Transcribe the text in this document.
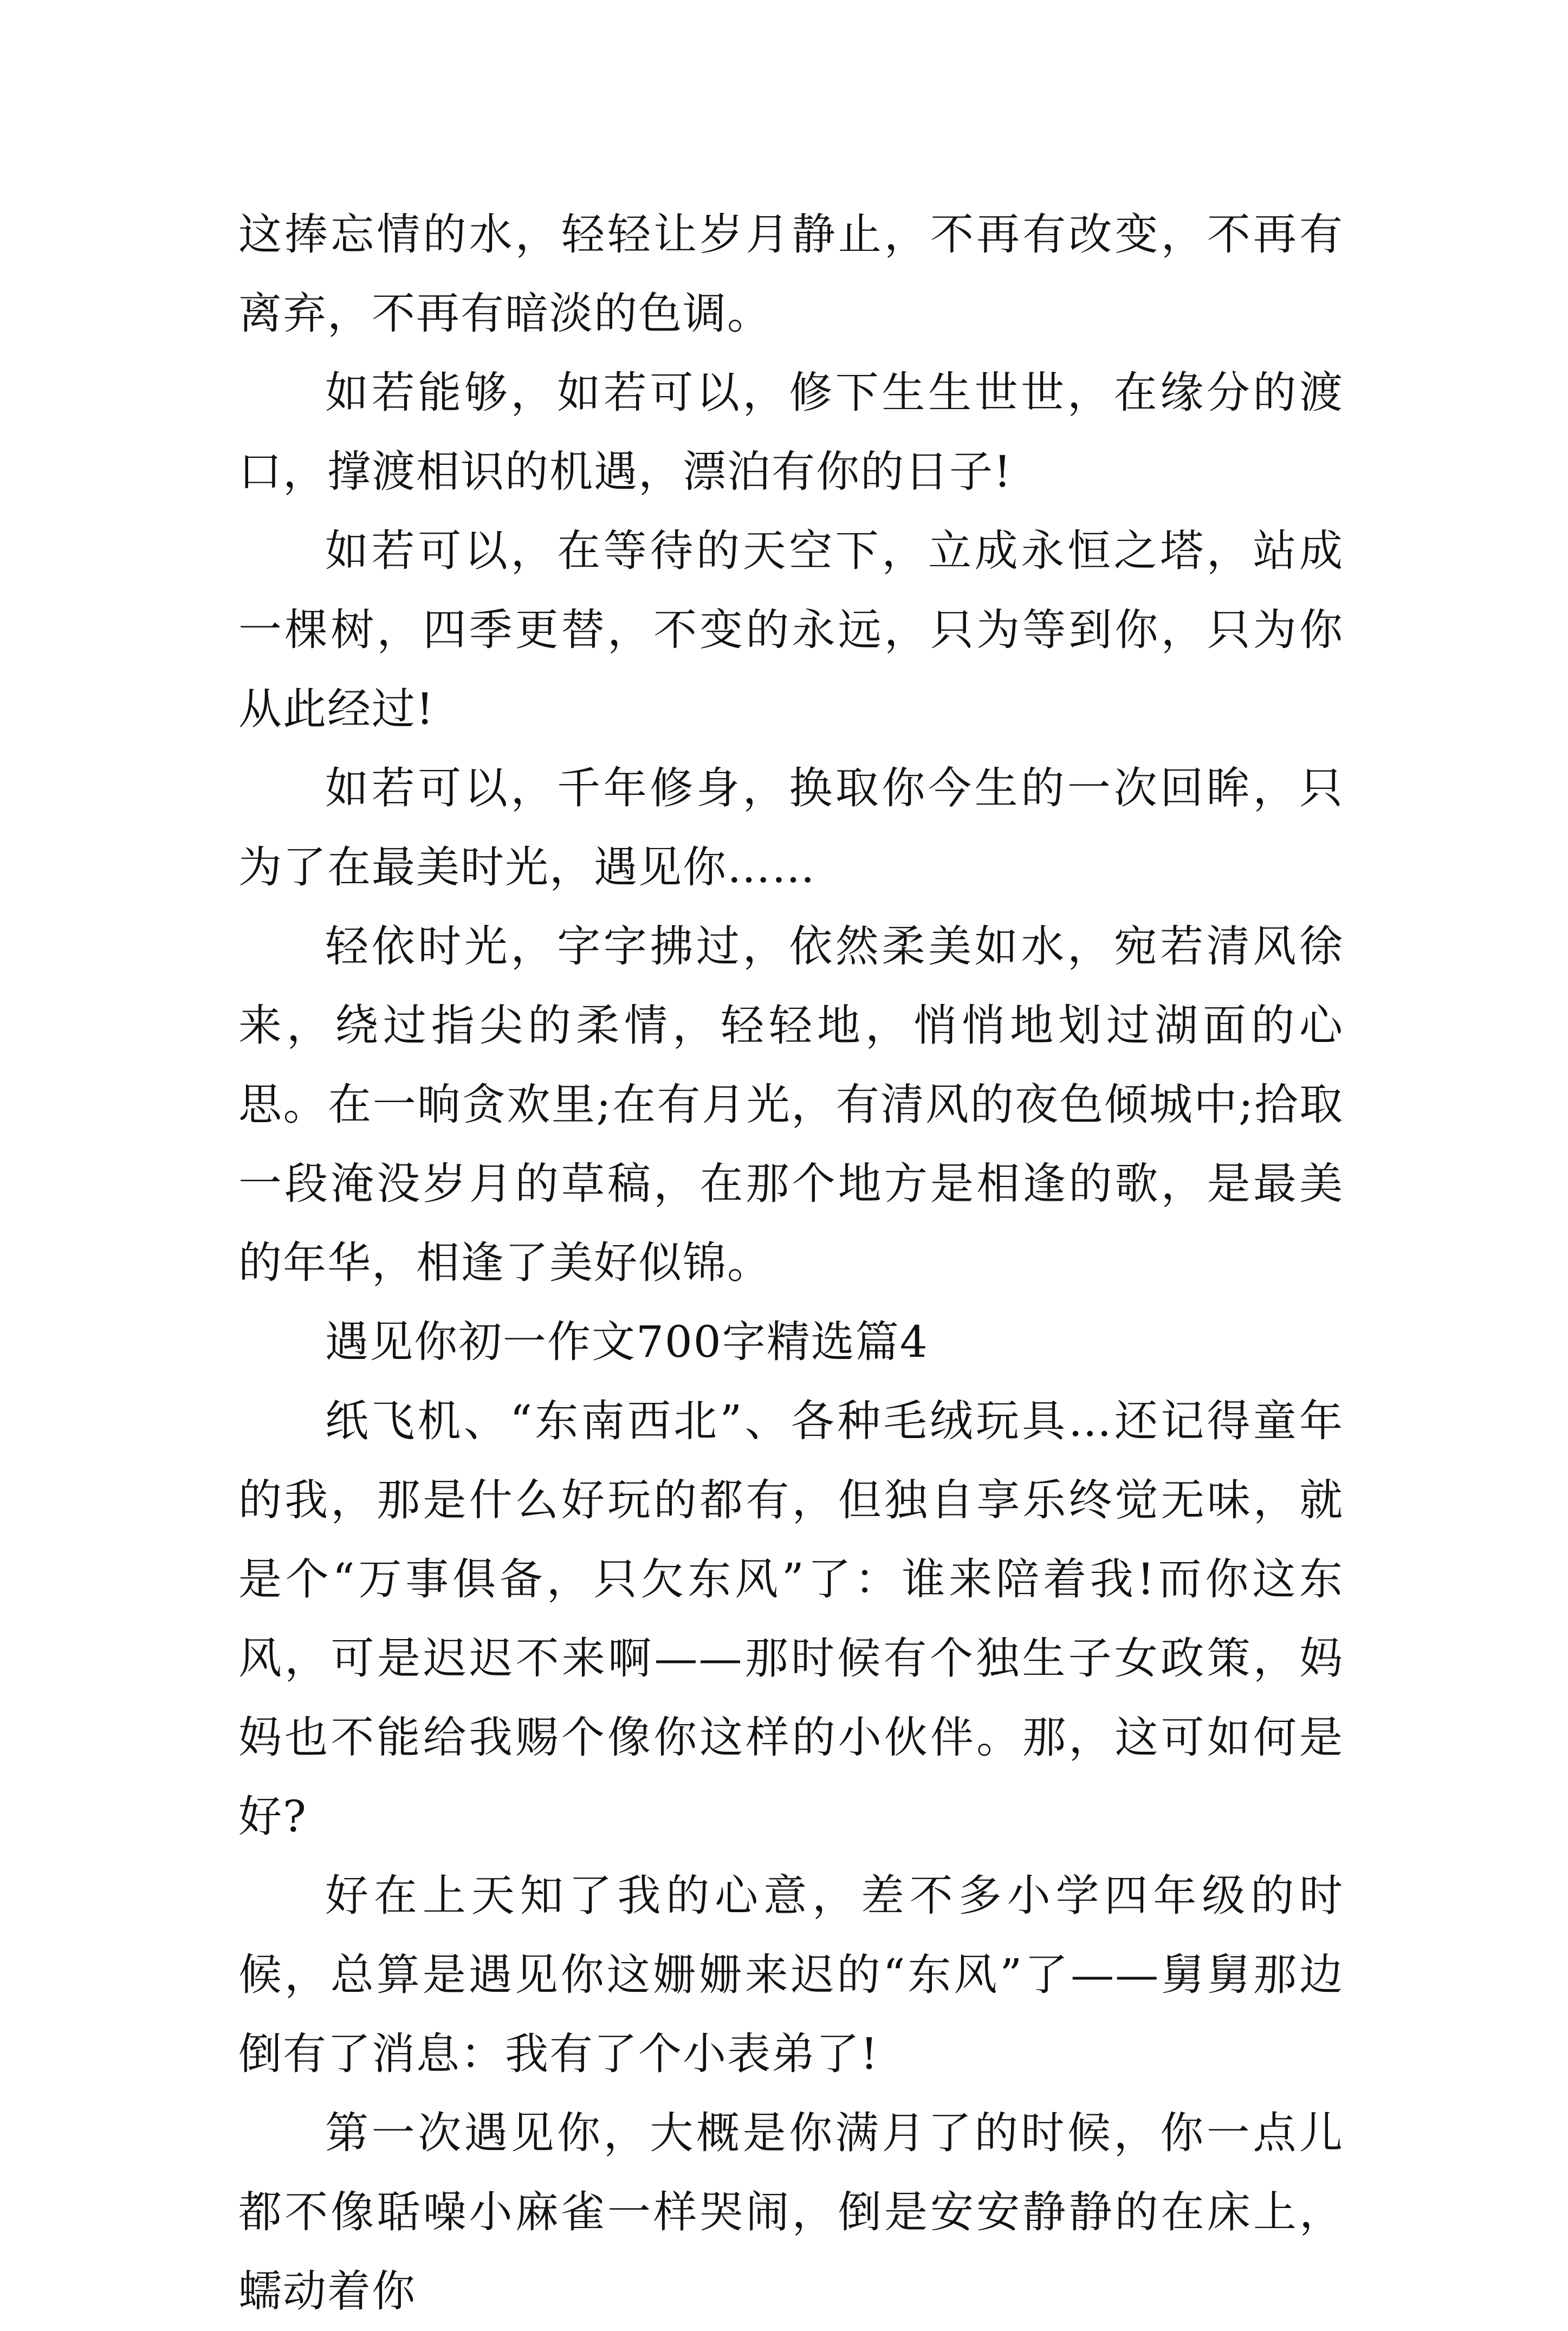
这捧忘情的水，轻轻让岁月静止，不再有改变，不再有离弃，不再有暗淡的色调。

如若能够，如若可以，修下生生世世，在缘分的渡口，撑渡相识的机遇，漂泊有你的日子!

如若可以，在等待的天空下，立成永恒之塔，站成一棵树，四季更替，不变的永远，只为等到你，只为你从此经过!

如若可以，千年修身，换取你今生的一次回眸，只为了在最美时光，遇见你……

轻依时光，字字拂过，依然柔美如水，宛若清风徐来，绕过指尖的柔情，轻轻地，悄悄地划过湖面的心思。在一晌贪欢里;在有月光，有清风的夜色倾城中;拾取一段淹没岁月的草稿，在那个地方是相逢的歌，是最美的年华，相逢了美好似锦。

遇见你初一作文700字精选篇4

纸飞机、“东南西北”、各种毛绒玩具…还记得童年的我，那是什么好玩的都有，但独自享乐终觉无味，就是个“万事俱备，只欠东风”了：谁来陪着我!而你这东风，可是迟迟不来啊——那时候有个独生子女政策，妈妈也不能给我赐个像你这样的小伙伴。那，这可如何是好?

好在上天知了我的心意，差不多小学四年级的时候，总算是遇见你这姗姗来迟的“东风”了——舅舅那边倒有了消息：我有了个小表弟了!

第一次遇见你，大概是你满月了的时候，你一点儿都不像聒噪小麻雀一样哭闹，倒是安安静静的在床上，蠕动着你
